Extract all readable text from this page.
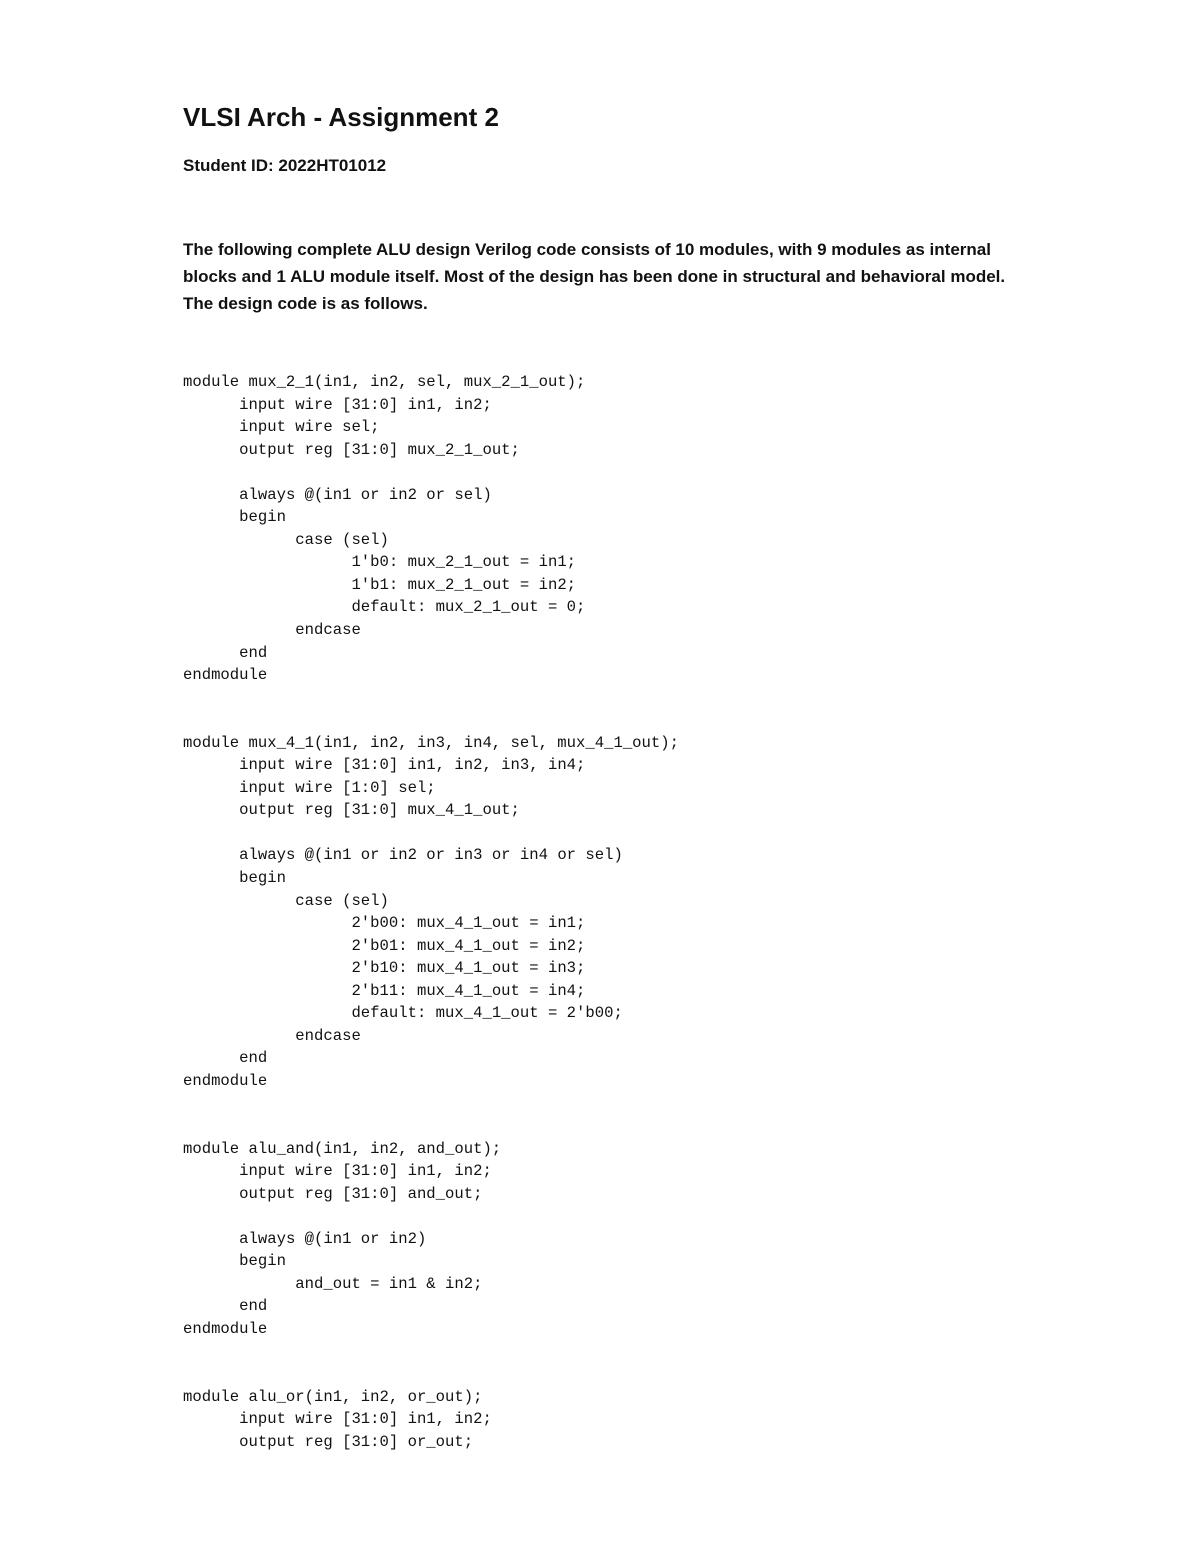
VLSI Arch - Assignment 2

Student ID: 2022HT01012

The following complete ALU design Verilog code consists of 10 modules, with 9 modules as internal blocks and 1 ALU module itself. Most of the design has been done in structural and behavioral model. The design code is as follows.

module mux_2_1(in1, in2, sel, mux_2_1_out);
	input wire [31:0] in1, in2;
	input wire sel;
	output reg [31:0] mux_2_1_out;

	always @(in1 or in2 or sel)
	begin
		case (sel)
			1'b0: mux_2_1_out = in1;
			1'b1: mux_2_1_out = in2;
			default: mux_2_1_out = 0;
		endcase
	end
endmodule

module mux_4_1(in1, in2, in3, in4, sel, mux_4_1_out);
	input wire [31:0] in1, in2, in3, in4;
	input wire [1:0] sel;
	output reg [31:0] mux_4_1_out;

	always @(in1 or in2 or in3 or in4 or sel)
	begin
		case (sel)
			2'b00: mux_4_1_out = in1;
			2'b01: mux_4_1_out = in2;
			2'b10: mux_4_1_out = in3;
			2'b11: mux_4_1_out = in4;
			default: mux_4_1_out = 2'b00;
		endcase
	end
endmodule

module alu_and(in1, in2, and_out);
	input wire [31:0] in1, in2;
	output reg [31:0] and_out;

	always @(in1 or in2)
	begin
		and_out = in1 & in2;
	end
endmodule

module alu_or(in1, in2, or_out);
	input wire [31:0] in1, in2;
	output reg [31:0] or_out;
